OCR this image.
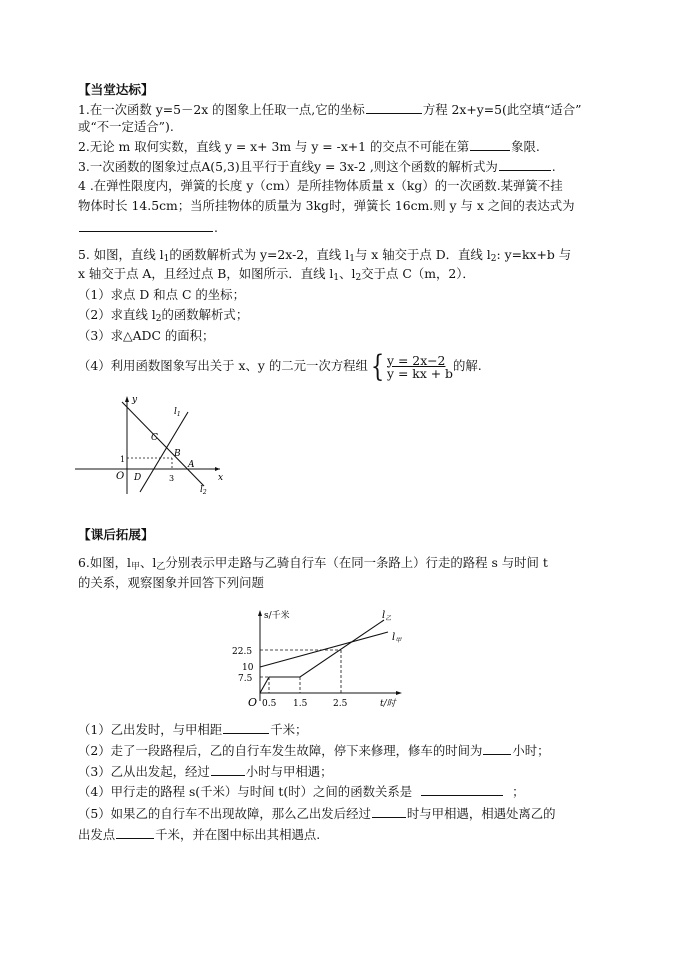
【当堂达标】
1.在一次函数 y=5－2x 的图象上任取一点,它的坐标	方程 2x+y=5(此空填“适合”
或“不一定适合”).
2.无论 m 取何实数，直线 y = x+ 3m 与 y = -x+1 的交点不可能在第	象限.
3.一次函数的图象过点A(5,3)且平行于直线y = 3x-2 ,则这个函数的解析式为	.
4 .在弹性限度内，弹簧的长度 y（cm）是所挂物体质量 x（kg）的一次函数.某弹簧不挂
物体时长 14.5cm；当所挂物体的质量为 3kg时，弹簧长 16cm.则 y 与 x 之间的表达式为
.
5. 如图，直线 $l_1$的函数解析式为 y=2x-2，直线 $l_1$与 x 轴交于点 D．直线 $l_2$: y=kx+b 与
x 轴交于点 A，且经过点 B，如图所示．直线 $l_1$、$l_2$交于点 C（m，2）．
（1）求点 D 和点 C 的坐标；
（2）求直线 $l_2$的函数解析式；
（3）求△ADC 的面积；
（4）利用函数图象写出关于 x、y 的二元一次方程组{ $\frac{y = 2x-2}{y = kx + b}$的解.
y
x
O D
C
B
A
1
3
$l_1$
$l_2$
【课后拓展】
6.如图，$l_甲$、$l_乙$分别表示甲走路与乙骑自行车（在同一条路上）行走的路程 s 与时间 t
的关系，观察图象并回答下列问题
s/千米
t/时
O 0.5 1.5	2.5
22.5
10
7.5
$l_乙$
$l_甲$
（1）乙出发时，与甲相距	千米；
（2）走了一段路程后，乙的自行车发生故障，停下来修理，修车的时间为 小时；
（3）乙从出发起，经过	小时与甲相遇；
（4）甲行走的路程 s(千米）与时间 t(时）之间的函数关系是	；
（5）如果乙的自行车不出现故障，那么乙出发后经过	时与甲相遇，相遇处离乙的
出发点	千米，并在图中标出其相遇点.
